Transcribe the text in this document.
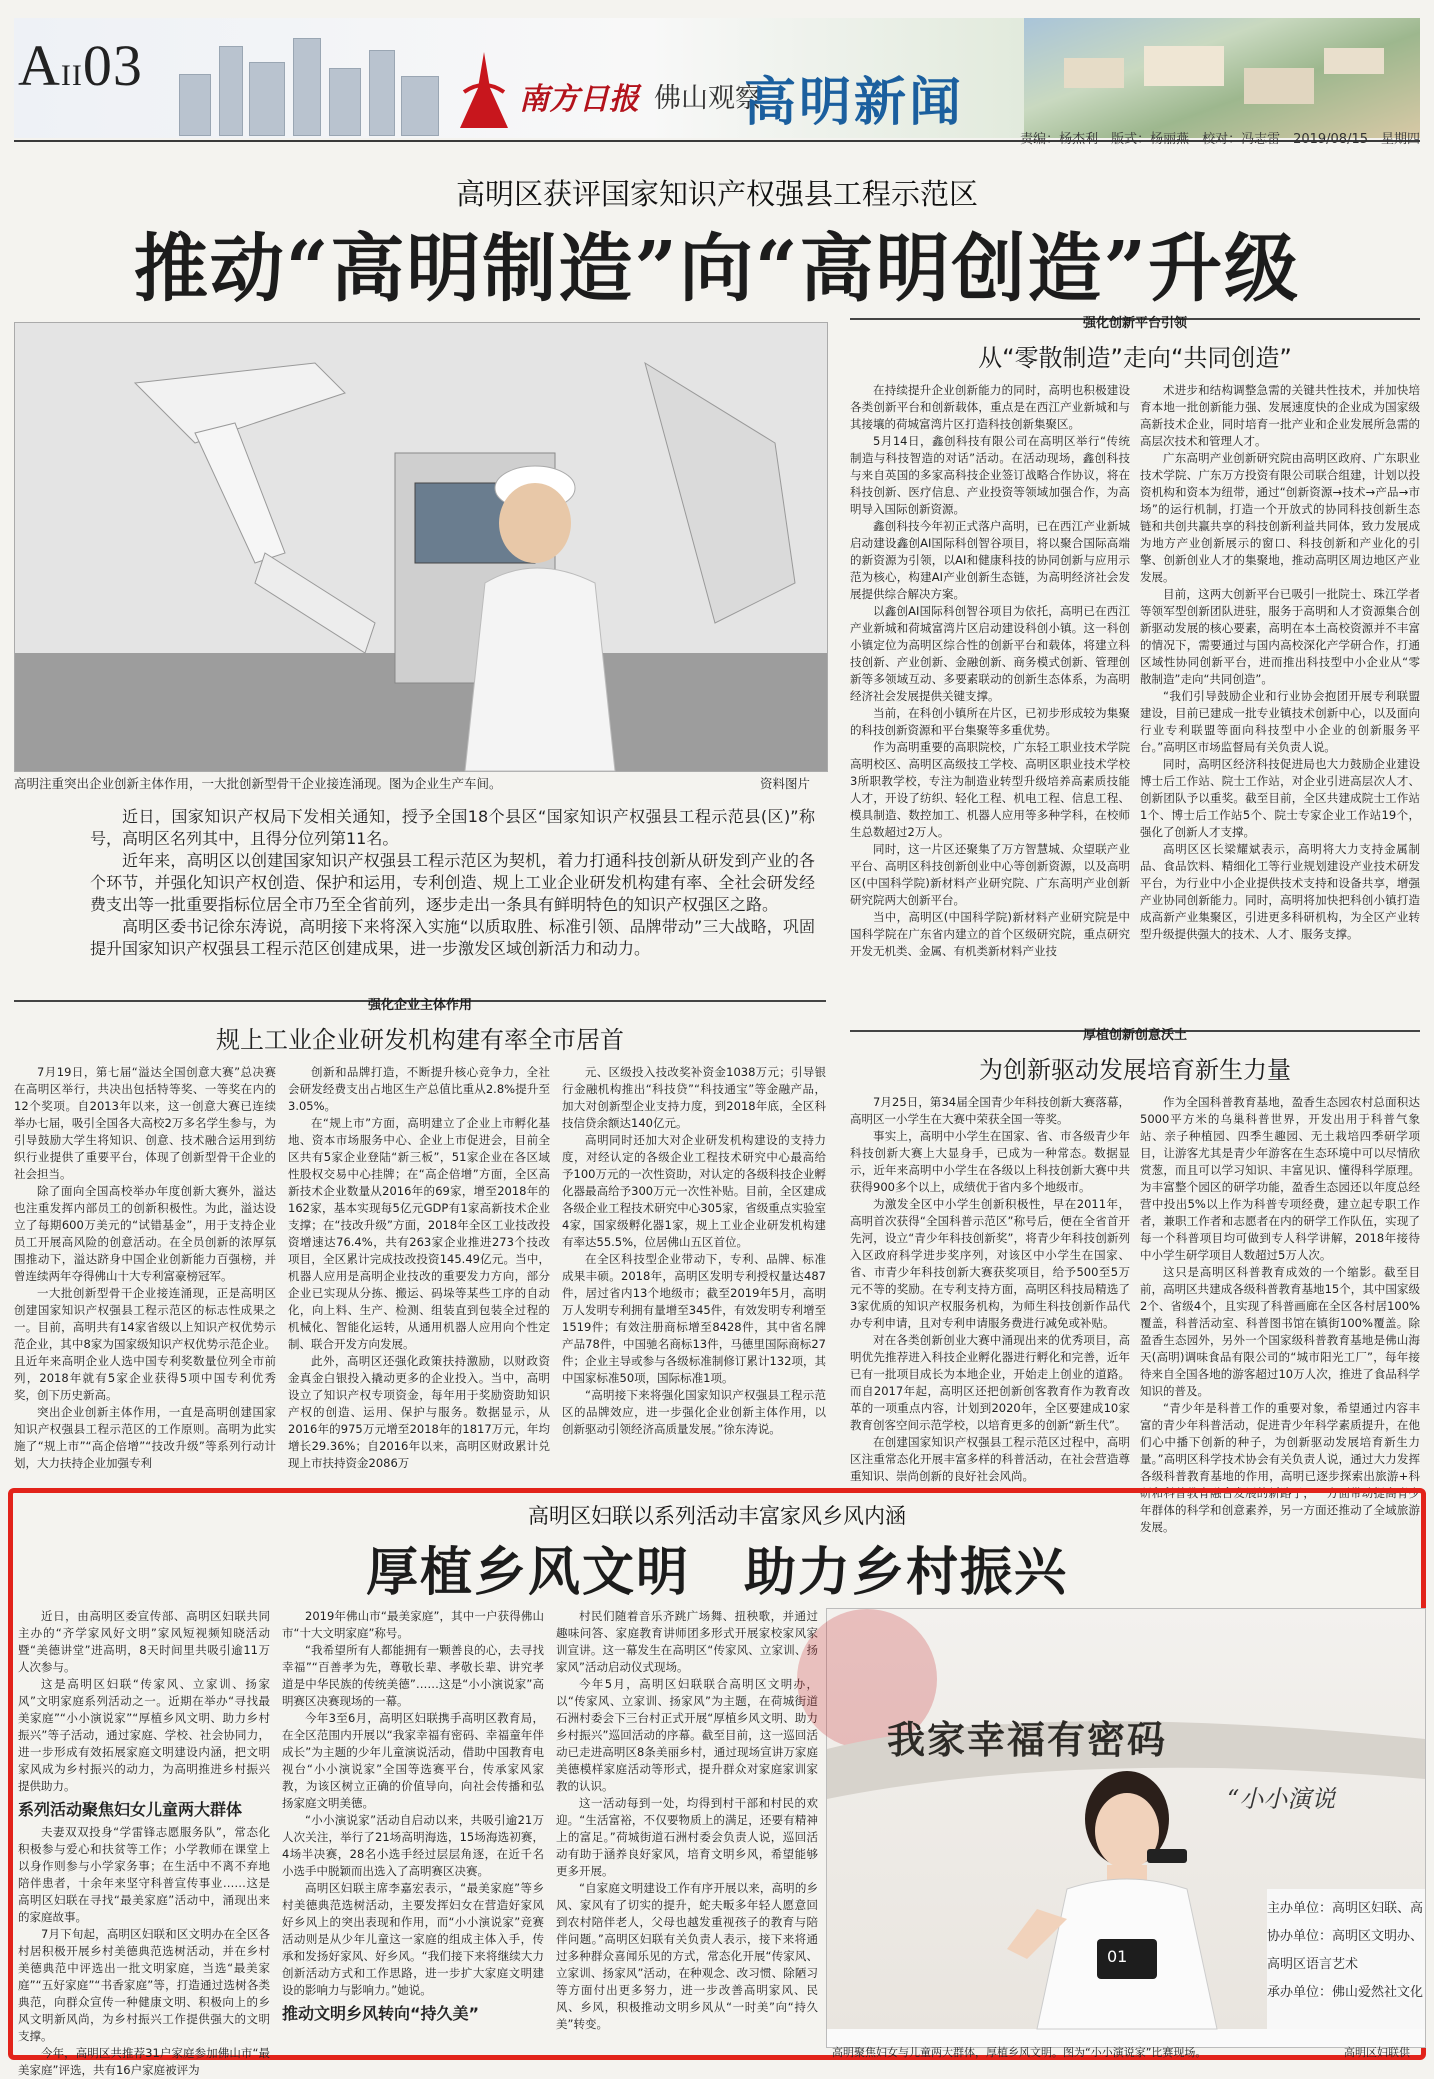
AII03
南方日报 佛山观察
高明新闻
责编：杨杰利　版式：杨丽燕　校对：冯志雷　2019/08/15　星期四
高明区获评国家知识产权强县工程示范区
推动“高明制造”向“高明创造”升级
高明注重突出企业创新主体作用，一大批创新型骨干企业接连涌现。图为企业生产车间。	资料图片

近日，国家知识产权局下发相关通知，授予全国18个县区“国家知识产权强县工程示范县(区)”称号，高明区名列其中，且得分位列第11名。

近年来，高明区以创建国家知识产权强县工程示范区为契机，着力打通科技创新从研发到产业的各个环节，并强化知识产权创造、保护和运用，专利创造、规上工业企业研发机构建有率、全社会研发经费支出等一批重要指标位居全市乃至全省前列，逐步走出一条具有鲜明特色的知识产权强区之路。

高明区委书记徐东涛说，高明接下来将深入实施“以质取胜、标准引领、品牌带动”三大战略，巩固提升国家知识产权强县工程示范区创建成果，进一步激发区域创新活力和动力。

强化创新平台引领
从“零散制造”走向“共同创造”

在持续提升企业创新能力的同时，高明也积极建设各类创新平台和创新载体，重点是在西江产业新城和与其接壤的荷城富湾片区打造科技创新集聚区。

5月14日，鑫创科技有限公司在高明区举行“传统制造与科技智造的对话”活动。在活动现场，鑫创科技与来自英国的多家高科技企业签订战略合作协议，将在科技创新、医疗信息、产业投资等领域加强合作，为高明导入国际创新资源。

鑫创科技今年初正式落户高明，已在西江产业新城启动建设鑫创AI国际科创智谷项目，将以聚合国际高端的新资源为引领，以AI和健康科技的协同创新与应用示范为核心，构建AI产业创新生态链，为高明经济社会发展提供综合解决方案。

以鑫创AI国际科创智谷项目为依托，高明已在西江产业新城和荷城富湾片区启动建设科创小镇。这一科创小镇定位为高明区综合性的创新平台和载体，将建立科技创新、产业创新、金融创新、商务模式创新、管理创新等多领域互动、多要素联动的创新生态体系，为高明经济社会发展提供关键支撑。

当前，在科创小镇所在片区，已初步形成较为集聚的科技创新资源和平台集聚等多重优势。

作为高明重要的高职院校，广东轻工职业技术学院高明校区、高明区高级技工学校、高明区职业技术学校3所职教学校，专注为制造业转型升级培养高素质技能人才，开设了纺织、轻化工程、机电工程、信息工程、模具制造、数控加工、机器人应用等多种学科，在校师生总数超过2万人。

同时，这一片区还聚集了万方智慧城、众望联产业平台、高明区科技创新创业中心等创新资源，以及高明区(中国科学院)新材料产业研究院、广东高明产业创新研究院两大创新平台。

当中，高明区(中国科学院)新材料产业研究院是中国科学院在广东省内建立的首个区级研究院，重点研究开发无机类、金属、有机类新材料产业技

术进步和结构调整急需的关键共性技术，并加快培育本地一批创新能力强、发展速度快的企业成为国家级高新技术企业，同时培育一批产业和企业发展所急需的高层次技术和管理人才。

广东高明产业创新研究院由高明区政府、广东职业技术学院、广东万方投资有限公司联合组建，计划以投资机构和资本为纽带，通过“创新资源→技术→产品→市场”的运行机制，打造一个开放式的协同科技创新生态链和共创共赢共享的科技创新利益共同体，致力发展成为地方产业创新展示的窗口、科技创新和产业化的引擎、创新创业人才的集聚地，推动高明区周边地区产业发展。

目前，这两大创新平台已吸引一批院士、珠江学者等领军型创新团队进驻，服务于高明和人才资源集合创新驱动发展的核心要素，高明在本土高校资源并不丰富的情况下，需要通过与国内高校深化产学研合作，打通区域性协同创新平台，进而推出科技型中小企业从“零散制造”走向“共同创造”。

“我们引导鼓励企业和行业协会抱团开展专利联盟建设，目前已建成一批专业镇技术创新中心，以及面向行业专利联盟等面向科技型中小企业的创新服务平台。”高明区市场监督局有关负责人说。

同时，高明区经济科技促进局也大力鼓励企业建设博士后工作站、院士工作站，对企业引进高层次人才、创新团队予以重奖。截至目前，全区共建成院士工作站1个、博士后工作站5个、院士专家企业工作站19个，强化了创新人才支撑。

高明区区长梁耀斌表示，高明将大力支持金属制品、食品饮料、精细化工等行业规划建设产业技术研发平台，为行业中小企业提供技术支持和设备共享，增强产业协同创新能力。同时，高明将加快把科创小镇打造成高新产业集聚区，引进更多科研机构，为全区产业转型升级提供强大的技术、人才、服务支撑。

强化企业主体作用
规上工业企业研发机构建有率全市居首

7月19日，第七届“溢达全国创意大赛”总决赛在高明区举行，共决出包括特等奖、一等奖在内的12个奖项。自2013年以来，这一创意大赛已连续举办七届，吸引全国各大高校2万多名学生参与，为引导鼓励大学生将知识、创意、技术融合运用到纺织行业提供了重要平台，体现了创新型骨干企业的社会担当。

除了面向全国高校举办年度创新大赛外，溢达也注重发挥内部员工的创新积极性。为此，溢达设立了每期600万美元的“试错基金”，用于支持企业员工开展高风险的创意活动。在全员创新的浓厚氛围推动下，溢达跻身中国企业创新能力百强榜，并曾连续两年夺得佛山十大专利富豪榜冠军。

一大批创新型骨干企业接连涌现，正是高明区创建国家知识产权强县工程示范区的标志性成果之一。目前，高明共有14家省级以上知识产权优势示范企业，其中8家为国家级知识产权优势示范企业。且近年来高明企业人选中国专利奖数量位列全市前列，2018年就有5家企业获得5项中国专利优秀奖，创下历史新高。

突出企业创新主体作用，一直是高明创建国家知识产权强县工程示范区的工作原则。高明为此实施了“规上市”“高企倍增”“技改升级”等系列行动计划，大力扶持企业加强专利

创新和品牌打造，不断提升核心竞争力，全社会研发经费支出占地区生产总值比重从2.8%提升至3.05%。

在“规上市”方面，高明建立了企业上市孵化基地、资本市场服务中心、企业上市促进会，目前全区共有5家企业登陆“新三板”，51家企业在各区域性股权交易中心挂牌；在“高企倍增”方面，全区高新技术企业数量从2016年的69家，增至2018年的162家，基本实现每5亿元GDP有1家高新技术企业支撑；在“技改升级”方面，2018年全区工业技改投资增速达76.4%，共有263家企业推进273个技改项目，全区累计完成技改投资145.49亿元。当中，机器人应用是高明企业技改的重要发力方向，部分企业已实现从分拣、搬运、码垛等某些工序的自动化，向上料、生产、检测、组装直到包装全过程的机械化、智能化运转，从通用机器人应用向个性定制、联合开发方向发展。

此外，高明区还强化政策扶持激励，以财政资金真金白银投入撬动更多的企业投入。当中，高明设立了知识产权专项资金，每年用于奖励资助知识产权的创造、运用、保护与服务。数据显示，从2016年的975万元增至2018年的1817万元，年均增长29.36%；自2016年以来，高明区财政累计兑现上市扶持资金2086万

元、区级投入技改奖补资金1038万元；引导银行金融机构推出“科技贷”“科技通宝”等金融产品，加大对创新型企业支持力度，到2018年底，全区科技信贷余额达140亿元。

高明同时还加大对企业研发机构建设的支持力度，对经认定的各级企业工程技术研究中心最高给予100万元的一次性资助，对认定的各级科技企业孵化器最高给予300万元一次性补贴。目前，全区建成各级企业工程技术研究中心305家，省级重点实验室4家，国家级孵化器1家，规上工业企业研发机构建有率达55.5%，位居佛山五区首位。

在全区科技型企业带动下，专利、品牌、标准成果丰硕。2018年，高明区发明专利授权量达487件，居过省内13个地级市；截至2019年5月，高明万人发明专利拥有量增至345件，有效发明专利增至1519件；有效注册商标增至8428件，其中省名牌产品78件，中国驰名商标13件，马德里国际商标27件；企业主导或参与各级标准制修订累计132项，其中国家标准50项，国际标准1项。

“高明接下来将强化国家知识产权强县工程示范区的品牌效应，进一步强化企业创新主体作用，以创新驱动引领经济高质量发展。”徐东涛说。

厚植创新创意沃土
为创新驱动发展培育新生力量

7月25日，第34届全国青少年科技创新大赛落幕，高明区一小学生在大赛中荣获全国一等奖。

事实上，高明中小学生在国家、省、市各级青少年科技创新大赛上大显身手，已成为一种常态。数据显示，近年来高明中小学生在各级以上科技创新大赛中共获得900多个以上，成绩优于省内多个地级市。

为激发全区中小学生创新积极性，早在2011年，高明首次获得“全国科普示范区”称号后，便在全省首开先河，设立“青少年科技创新奖”，将青少年科技创新列入区政府科学进步奖序列，对该区中小学生在国家、省、市青少年科技创新大赛获奖项目，给予500至5万元不等的奖励。在专利支持方面，高明区科技局精选了3家优质的知识产权服务机构，为师生科技创新作品代办专利申请，且对专利申请服务费进行减免或补贴。

对在各类创新创业大赛中涌现出来的优秀项目，高明优先推荐进入科技企业孵化器进行孵化和完善，近年已有一批项目成长为本地企业，开始走上创业的道路。而自2017年起，高明区还把创新创客教育作为教育改革的一项重点内容，计划到2020年，全区要建成10家教育创客空间示范学校，以培育更多的创新“新生代”。

在创建国家知识产权强县工程示范区过程中，高明区注重常态化开展丰富多样的科普活动，在社会营造尊重知识、崇尚创新的良好社会风尚。

作为全国科普教育基地，盈香生态园农村总面积达5000平方米的乌巢科普世界，开发出用于科普气象站、亲子种植园、四季生趣园、无土栽培四季研学项目，让游客尤其是青少年游客在生态环境中可以尽情欣赏葱，而且可以学习知识、丰富见识、懂得科学原理。为丰富整个园区的研学功能，盈香生态园还以年度总经营中投出5%以上作为科普专项经费，建立起专职工作者，兼职工作者和志愿者在内的研学工作队伍，实现了每一个科普项目均可做到专人科学讲解，2018年接待中小学生研学项目人数超过5万人次。

这只是高明区科普教育成效的一个缩影。截至目前，高明区共建成各级科普教育基地15个，其中国家级2个、省级4个，且实现了科普画廊在全区各村居100%覆盖，科普活动室、科普图书馆在镇街100%覆盖。除盈香生态园外，另外一个国家级科普教育基地是佛山海天(高明)调味食品有限公司的“城市阳光工厂”，每年接待来自全国各地的游客超过10万人次，推进了食品科学知识的普及。

“青少年是科普工作的重要对象，希望通过内容丰富的青少年科普活动，促进青少年科学素质提升，在他们心中播下创新的种子，为创新驱动发展培育新生力量。”高明区科学技术协会有关负责人说，通过大力发挥各级科普教育基地的作用，高明已逐步探索出旅游+科研和科普教育融合发展的新路子，一方面带动提高青少年群体的科学和创意素养，另一方面还推动了全域旅游发展。

高明区妇联以系列活动丰富家风乡风内涵
厚植乡风文明　助力乡村振兴

近日，由高明区委宣传部、高明区妇联共同主办的“齐学家风好文明”家风短视频知晓活动暨“美德讲堂”进高明，8天时间里共吸引逾11万人次参与。

这是高明区妇联“传家风、立家训、扬家风”文明家庭系列活动之一。近期在举办“寻找最美家庭”“小小演说家”“厚植乡风文明、助力乡村振兴”等子活动，通过家庭、学校、社会协同力，进一步形成有效拓展家庭文明建设内涵，把文明家风成为乡村振兴的动力，为高明推进乡村振兴提供助力。

系列活动聚焦妇女儿童两大群体

夫妻双双投身“学雷锋志愿服务队”，常态化积极参与爱心和扶贫等工作；小学教师在课堂上以身作则参与小学家务事；在生活中不离不弃地陪伴患者，十余年来坚守科普宣传事业……这是高明区妇联在寻找“最美家庭”活动中，涌现出来的家庭故事。

7月下旬起，高明区妇联和区文明办在全区各村居积极开展乡村美德典范选树活动，并在乡村美德典范中评选出一批文明家庭，当选“最美家庭”“五好家庭”“书香家庭”等，打造通过选树各类典范，向群众宣传一种健康文明、积极向上的乡风文明新风尚，为乡村振兴工作提供强大的文明支撑。

今年，高明区共推荐31户家庭参加佛山市“最美家庭”评选，共有16户家庭被评为

2019年佛山市“最美家庭”，其中一户获得佛山市“十大文明家庭”称号。

“我希望所有人都能拥有一颗善良的心，去寻找幸福”“百善孝为先，尊敬长辈、孝敬长辈、讲究孝道是中华民族的传统美德”……这是“小小演说家”高明赛区决赛现场的一幕。

今年3至6月，高明区妇联携手高明区教育局，在全区范围内开展以“我家幸福有密码、幸福童年伴成长”为主题的少年儿童演说活动，借助中国教育电视台“小小演说家”全国等选赛平台，传承家风家教，为该区树立正确的价值导向，向社会传播和弘扬家庭文明美德。

“小小演说家”活动自启动以来，共吸引逾21万人次关注，举行了21场高明海选，15场海选初赛，4场半决赛，28名小选手经过层层角逐，在近千名小选手中脱颖而出选入了高明赛区决赛。

高明区妇联主席李嘉宏表示，“最美家庭”等乡村美德典范选树活动，主要发挥妇女在营造好家风好乡风上的突出表现和作用，而“小小演说家”竞赛活动则是从少年儿童这一家庭的组成主体入手，传承和发扬好家风、好乡风。“我们接下来将继续大力创新活动方式和工作思路，进一步扩大家庭文明建设的影响力与影响力。”她说。

推动文明乡风转向“持久美”

村民们随着音乐齐跳广场舞、扭秧歌，并通过趣味问答、家庭教育讲师团多形式开展家校家风家训宣讲。这一幕发生在高明区“传家风、立家训、扬家风”活动启动仪式现场。

今年5月，高明区妇联联合高明区文明办，以“传家风、立家训、扬家风”为主题，在荷城街道石洲村委会下三台村正式开展“厚植乡风文明、助力乡村振兴”巡回活动的序幕。截至目前，这一巡回活动已走进高明区8条美丽乡村，通过现场宣讲万家庭美德模样家庭活动等形式，提升群众对家庭家训家教的认识。

这一活动每到一处，均得到村干部和村民的欢迎。“生活富裕，不仅要物质上的满足，还要有精神上的富足。”荷城街道石洲村委会负责人说，巡回活动有助于涵养良好家风，培育文明乡风，希望能够更多开展。

“自家庭文明建设工作有序开展以来，高明的乡风、家风有了切实的提升，蛇夫畈多年轻人愿意回到农村陪伴老人，父母也越发重视孩子的教育与陪伴问题。”高明区妇联有关负责人表示，接下来将通过多种群众喜闻乐见的方式，常态化开展“传家风、立家训、扬家风”活动，在种观念、改习惯、除陋习等方面付出更多努力，进一步改善高明家风、民风、乡风，积极推动文明乡风从“一时美”向“持久美”转变。

我家幸福有密码
“小小演说
主办单位：高明区妇联、高
协办单位：高明区文明办、
高明区语言艺术
承办单位：佛山爱然社文化
01
高明聚焦妇女与儿童两大群体，厚植乡风文明。图为“小小演说家”比赛现场。	高明区妇联供
